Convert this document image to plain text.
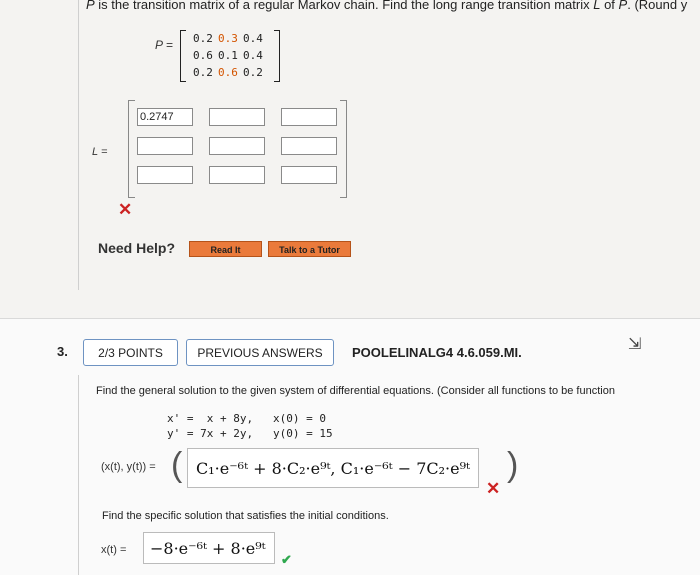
P is the transition matrix of a regular Markov chain. Find the long range transition matrix L of P. (Round y
P = 0.2 0.3 0.4
0.6 0.1 0.4
0.2 0.6 0.2
L =
0.2747
✕
Need Help?	Read It	Talk to a Tutor
3.	2/3 POINTS	PREVIOUS ANSWERS	POOLELINALG4 4.6.059.MI.	⇲
Find the general solution to the given system of differential equations. (Consider all functions to be function
x' =  x + 8y,   x(0) = 0
y' = 7x + 2y,   y(0) = 15
(x(t), y(t)) = ( C₁·e⁻⁶ᵗ + 8·C₂·e⁹ᵗ, C₁·e⁻⁶ᵗ − 7C₂·e⁹ᵗ )
✕
Find the specific solution that satisfies the initial conditions.
x(t) = −8·e⁻⁶ᵗ + 8·e⁹ᵗ
✔
